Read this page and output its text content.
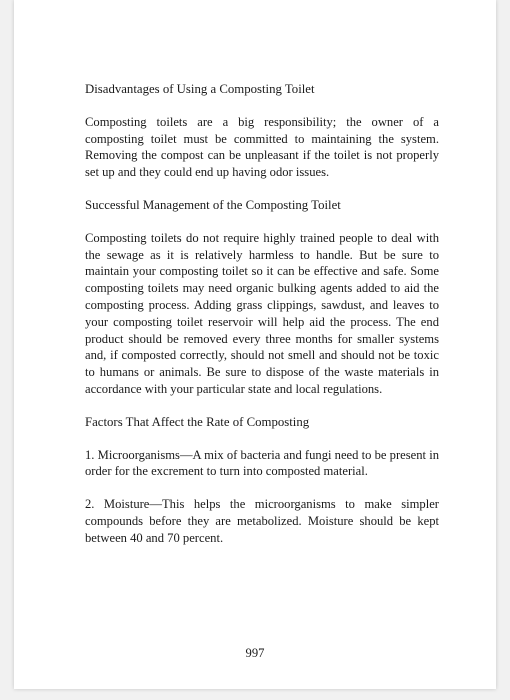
Disadvantages of Using a Composting Toilet

Composting toilets are a big responsibility; the owner of a composting toilet must be committed to maintaining the system. Removing the compost can be unpleasant if the toilet is not properly set up and they could end up having odor issues.

Successful Management of the Composting Toilet

Composting toilets do not require highly trained people to deal with the sewage as it is relatively harmless to handle. But be sure to maintain your composting toilet so it can be effective and safe. Some composting toilets may need organic bulking agents added to aid the composting process. Adding grass clippings, sawdust, and leaves to your composting toilet reservoir will help aid the process. The end product should be removed every three months for smaller systems and, if composted correctly, should not smell and should not be toxic to humans or animals. Be sure to dispose of the waste materials in accordance with your particular state and local regulations.

Factors That Affect the Rate of Composting

1. Microorganisms—A mix of bacteria and fungi need to be present in order for the excrement to turn into composted material.

2. Moisture—This helps the microorganisms to make simpler compounds before they are metabolized. Moisture should be kept between 40 and 70 percent.

997
